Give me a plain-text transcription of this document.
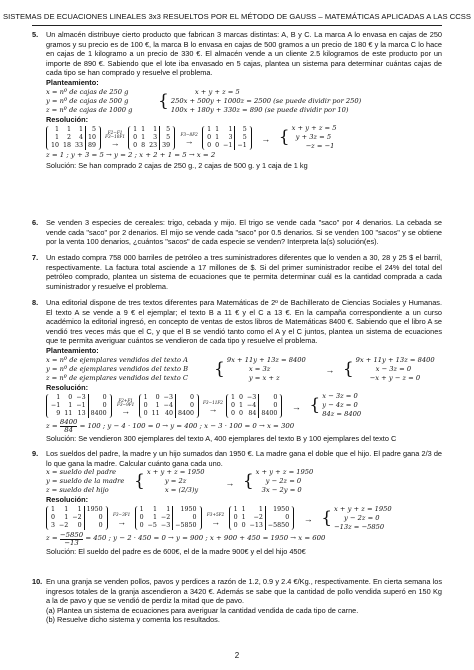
SISTEMAS DE ECUACIONES LINEALES 3x3 RESUELTOS POR EL MÉTODO DE GAUSS – MATEMÁTICAS APLICADAS A LAS CCSS
5. Un almacén distribuye cierto producto que fabrican 3 marcas distintas: A, B y C. La marca A lo envasa en cajas de 250 gramos y su precio es de 100 €, la marca B lo envasa en cajas de 500 gramos a un precio de 180 € y la marca C lo hace en cajas de 1 kilogramo a un precio de 330 €. El almacén vende a un cliente 2.5 kilogramos de este producto por un importe de 890 €. Sabiendo que el lote iba envasado en 5 cajas, plantea un sistema para determinar cuántas cajas de cada tipo se han comprado y resuelve el problema.
Planteamiento:
x = nº de cajas de 250 g
y = nº de cajas de 500 g
z = nº de cajas de 1000 g	{	x + y + z = 5
250x + 500y + 1000z = 2500 (se puede dividir por 250)
100x + 180y + 330z = 890 (se puede dividir por 10)
Resolución:
1	1	1	5
1	2	4	10
10	18	33	89
F2−F1
F3−10F1
→
1	1	1	5
0	1	3	5
0	8	23	39
F3−8F2
→
1	1	1	5
0	1	3	5
0	0	−1	−1
→ { x + y + z = 5
y + 3z = 5
−z = −1
z = 1 ; y + 3 = 5 → y = 2 ; x + 2 + 1 = 5 → x = 2
Solución: Se han comprado 2 cajas de 250 g., 2 cajas de 500 g. y 1 caja de 1 kg
6. Se venden 3 especies de cereales: trigo, cebada y mijo. El trigo se vende cada "saco" por 4 denarios. La cebada se vende cada "saco" por 2 denarios. El mijo se vende cada "saco" por 0.5 denarios. Si se venden 100 "sacos" y se obtiene por la venta 100 denarios, ¿cuántos "sacos" de cada especie se venden? Interpreta la(s) solución(es).
7. Un estado compra 758 000 barriles de petróleo a tres suministradores diferentes que lo venden a 30, 28 y 25 $ el barril, respectivamente. La factura total asciende a 17 millones de $. Si del primer suministrador recibe el 24% del total del petróleo comprado, plantea un sistema de ecuaciones que te permita determinar cuál es la cantidad comprada a cada suministrador y resuelve el problema.
8. Una editorial dispone de tres textos diferentes para Matemáticas de 2º de Bachillerato de Ciencias Sociales y Humanas. El texto A se vende a 9 € el ejemplar; el texto B a 11 € y el C a 13 €. En la campaña correspondiente a un curso académico la editorial ingresó, en concepto de ventas de estos libros de Matemáticas 8400 €. Sabiendo que el libro A se vendió tres veces más que el C, y que el B se vendió tanto como el A y el C juntos, plantea un sistema de ecuaciones que te permita averiguar cuántos se vendieron de cada tipo y resuelve el problema.
Planteamiento:
x = nº de ejemplares vendidos del texto A
y = nº de ejemplares vendidos del texto B
z = nº de ejemplares vendidos del texto C	{ 9x + 11y + 13z = 8400
x = 3z
y = x + z
→ { 9x + 11y + 13z = 8400
x − 3z = 0
−x + y − z = 0
Resolución:
1	0	−3	0
−1	1	−1	0
9	11	13	8400
F2+F1
F3−9F1
→
1	0	−3	0
0	1	−4	0
0	11	40	8400
F3−11F2
→
1	0	−3	0
0	1	−4	0
0	0	84	8400
→ { x − 3z = 0
y − 4z = 0
84z = 8400
z =
$\frac{8400}{84}$
= 100 ; y − 4 · 100 = 0 → y = 400 ; x − 3 · 100 = 0 → x = 300
Solución: Se vendieron 300 ejemplares del texto A, 400 ejemplares del texto B y 100 ejemplares del texto C
9. Los sueldos del padre, la madre y un hijo sumados dan 1950 €. La madre gana el doble que el hijo. El padre gana 2/3 de lo que gana la madre. Calcular cuánto gana cada uno.
x = sueldo del padre
y = sueldo de la madre
z = sueldo del hijo	{ x + y + z = 1950
y = 2z
x = (2/3)y
→ { x + y + z = 1950
y − 2z = 0
3x − 2y = 0
Resolución:
1	1	1	1950
0	1	−2	0
3	−2	0	0
F3−3F1
→
1	1	1	1950
0	1	−2	0
0	−5	−3	−5850
F3+5F2
→
1	1	1	1950
0	1	−2	0
0	0	−13	−5850
→ { x + y + z = 1950
y − 2z = 0
−13z = −5850
z =
$\frac{-5850}{-13}$
= 450 ; y − 2 · 450 = 0 → y = 900 ; x + 900 + 450 = 1950 → x = 600
Solución: El sueldo del padre es de 600€, el de la madre 900€ y el del hijo 450€
10. En una granja se venden pollos, pavos y perdices a razón de 1.2, 0.9 y 2.4 €/Kg., respectivamente. En cierta semana los ingresos totales de la granja ascendieron a 3420 €. Además se sabe que la cantidad de pollo vendida superó en 150 Kg a la de pavo y que se vendió de perdiz la mitad que de pavo.
(a) Plantea un sistema de ecuaciones para averiguar la cantidad vendida de cada tipo de carne.
(b) Resuelve dicho sistema y comenta los resultados.
2
